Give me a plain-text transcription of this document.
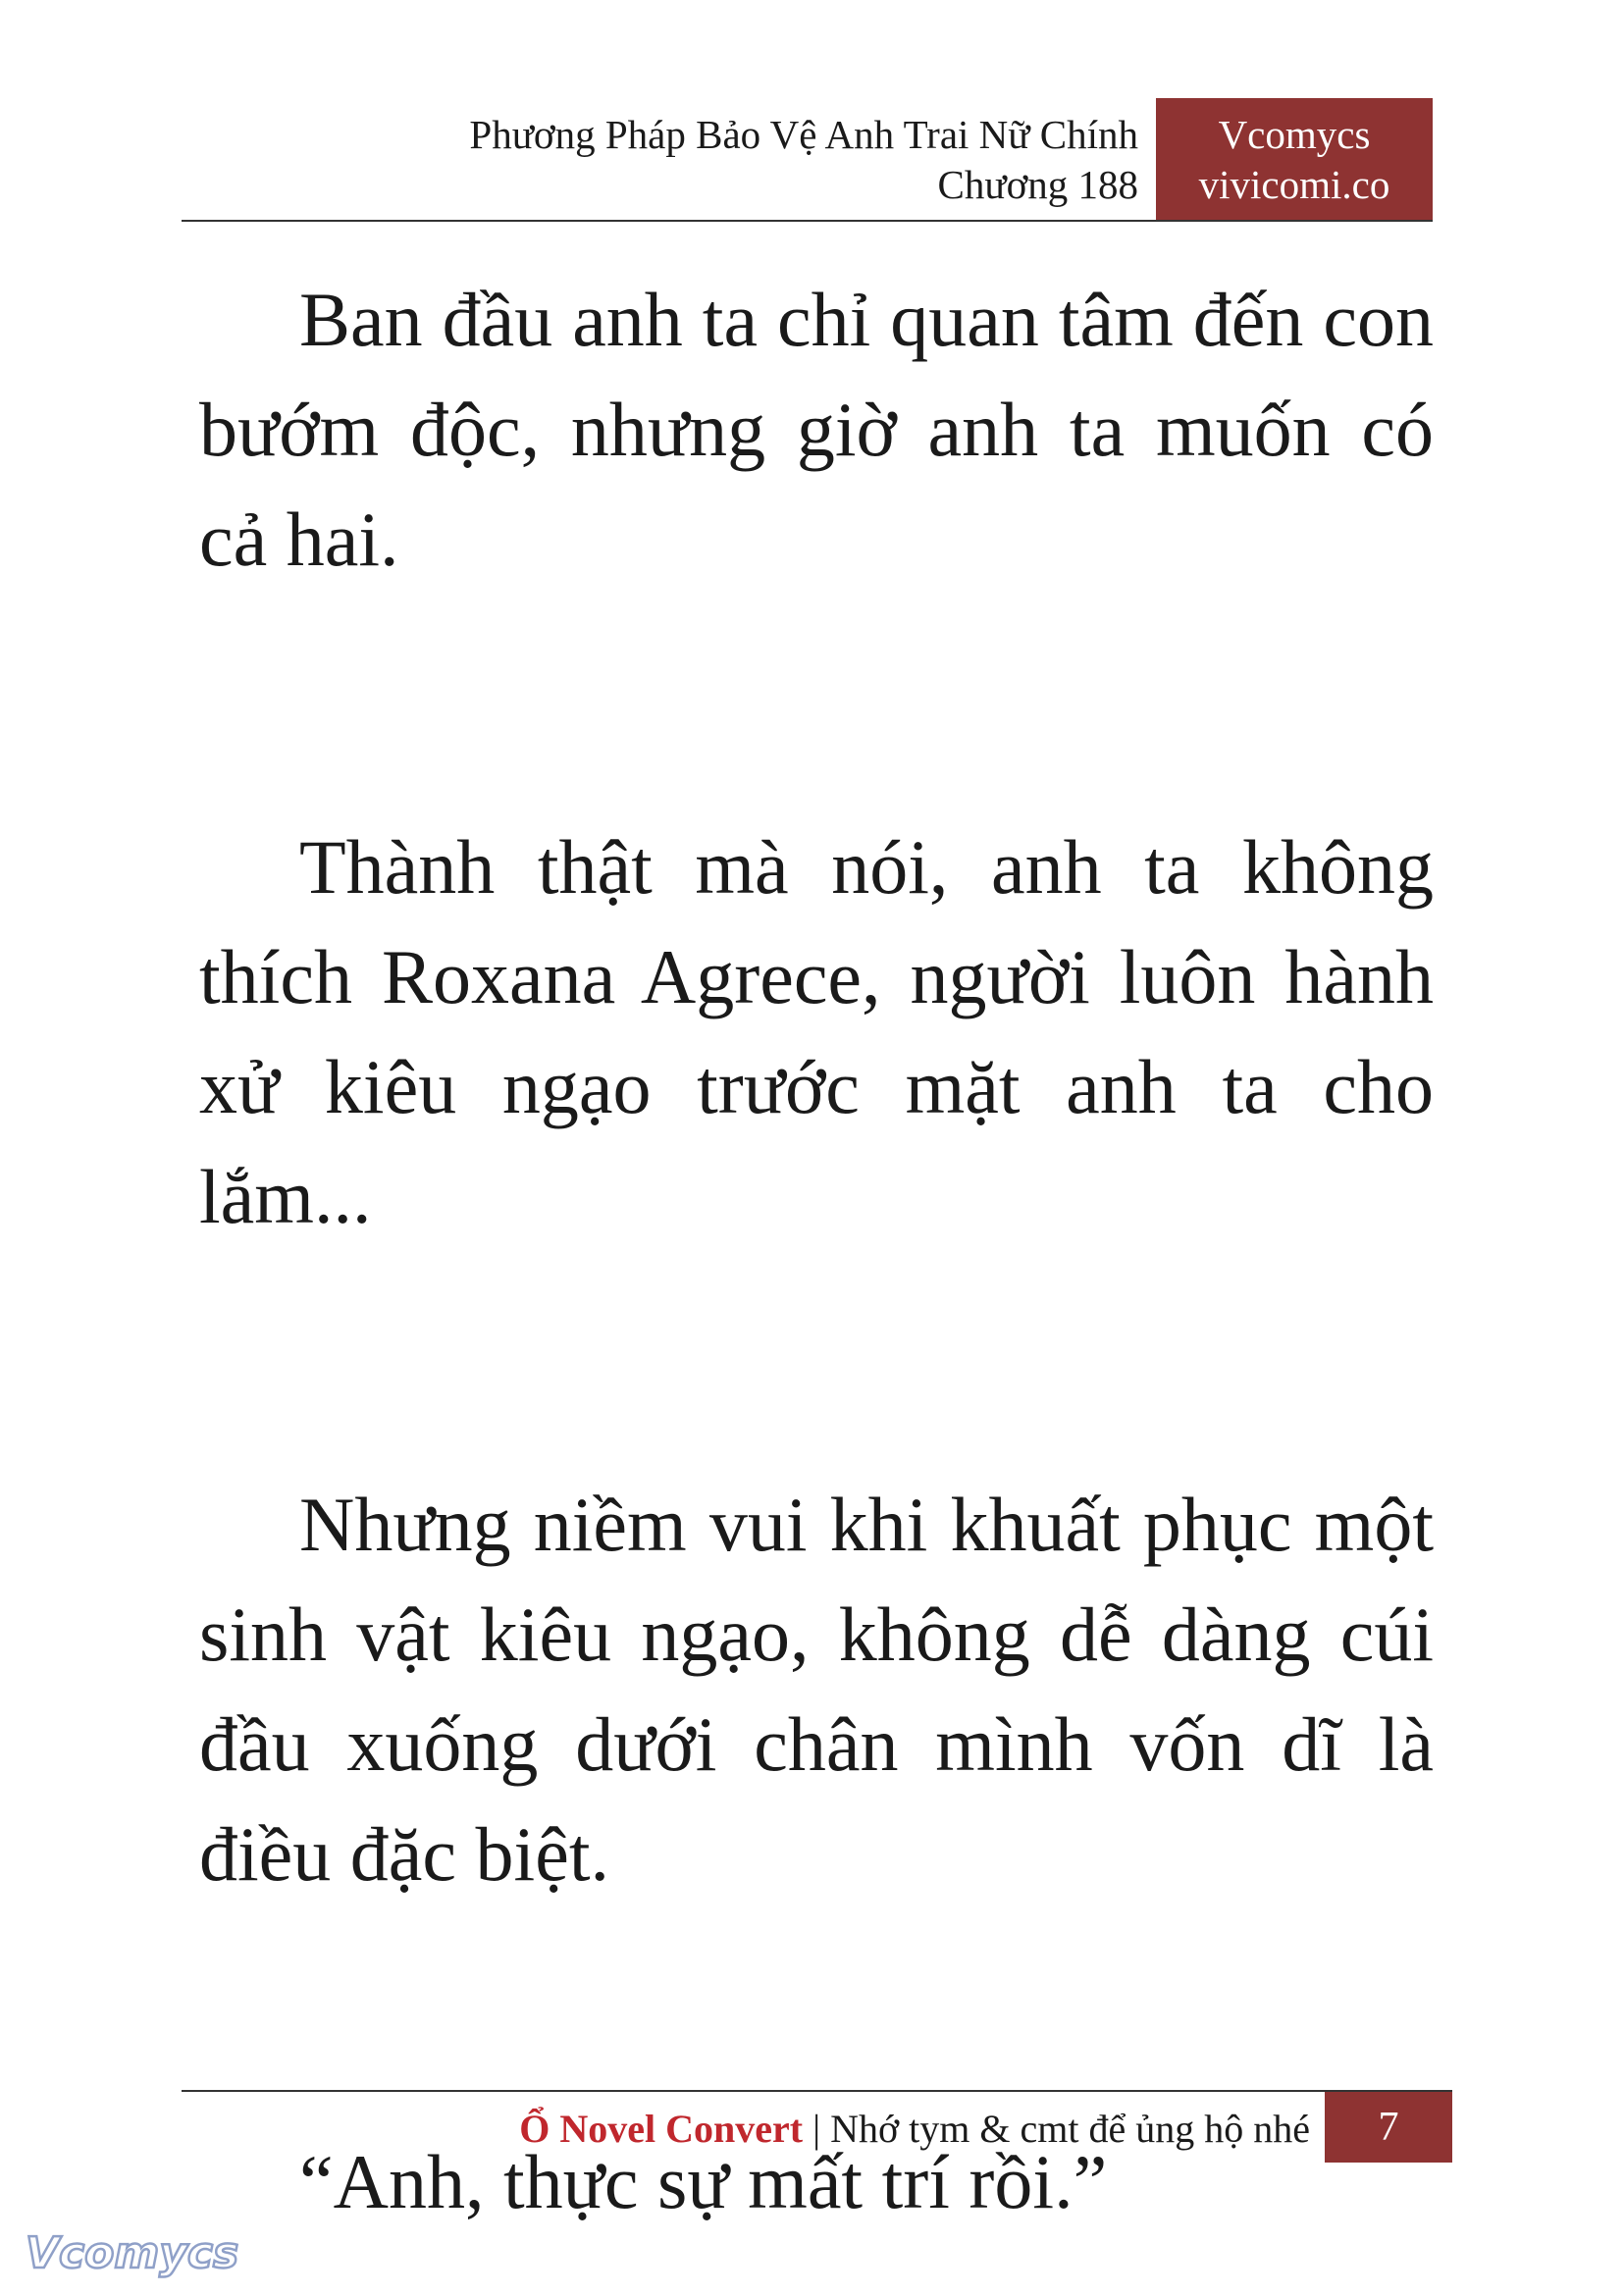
Phương Pháp Bảo Vệ Anh Trai Nữ Chính
Chương 188
Vcomycs
vivicomi.co

Ban đầu anh ta chỉ quan tâm đến con bướm độc, nhưng giờ anh ta muốn có cả hai.

Thành thật mà nói, anh ta không thích Roxana Agrece, người luôn hành xử kiêu ngạo trước mặt anh ta cho lắm...

Nhưng niềm vui khi khuất phục một sinh vật kiêu ngạo, không dễ dàng cúi đầu xuống dưới chân mình vốn dĩ là điều đặc biệt.

“Anh, thực sự mất trí rồi.”

Ổ Novel Convert | Nhớ tym & cmt để ủng hộ nhé	7
Vcomycs
